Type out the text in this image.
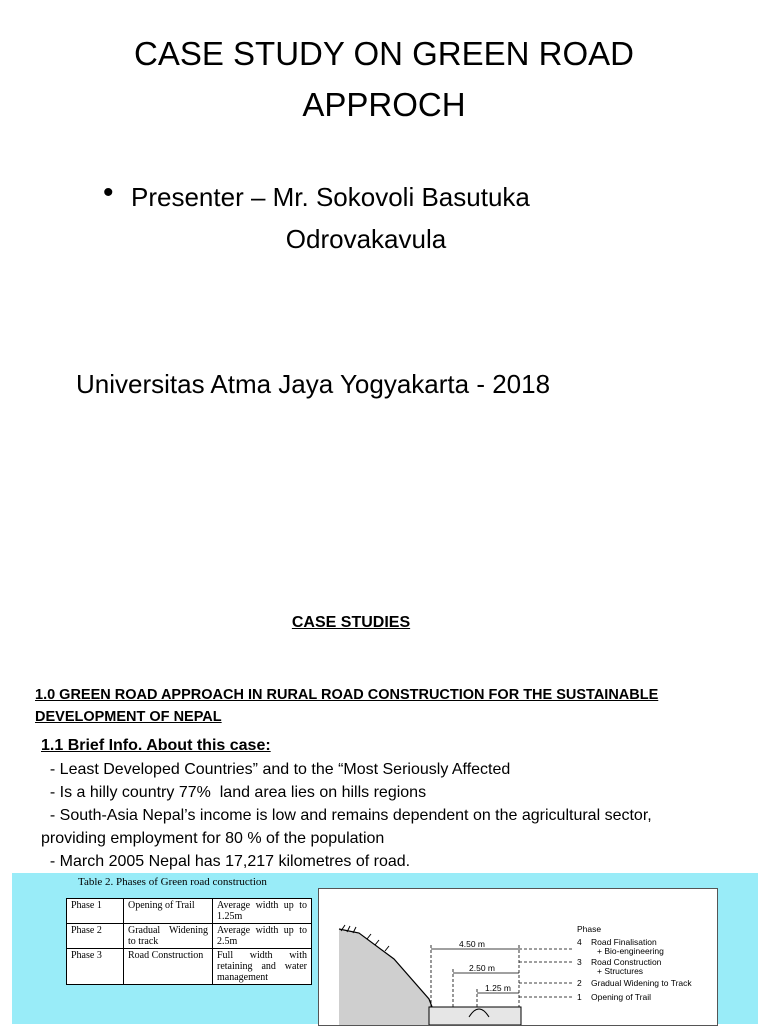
CASE STUDY ON GREEN ROAD
APPROCH
• Presenter – Mr. Sokovoli Basutuka
Odrovakavula
Universitas Atma Jaya Yogyakarta - 2018
CASE STUDIES
1.0 GREEN ROAD APPROACH IN RURAL ROAD CONSTRUCTION FOR THE SUSTAINABLE DEVELOPMENT OF NEPAL
1.1 Brief Info. About this case:
- Least Developed Countries” and to the “Most Seriously Affected
- Is a hilly country 77%  land area lies on hills regions
- South-Asia Nepal’s income is low and remains dependent on the agricultural sector,
providing employment for 80 % of the population
- March 2005 Nepal has 17,217 kilometres of road.
Table 2. Phases of Green road construction
Phase 1	Opening of Trail	Average width up to 1.25m
Phase 2	Gradual Widening to track	Average width up to 2.5m
Phase 3	Road Construction	Full width with retaining and water management
4.50 m
2.50 m
1.25 m
Phase
4 Road Finalisation
+ Bio-engineering
3 Road Construction
+ Structures
2 Gradual Widening to Track
1 Opening of Trail
